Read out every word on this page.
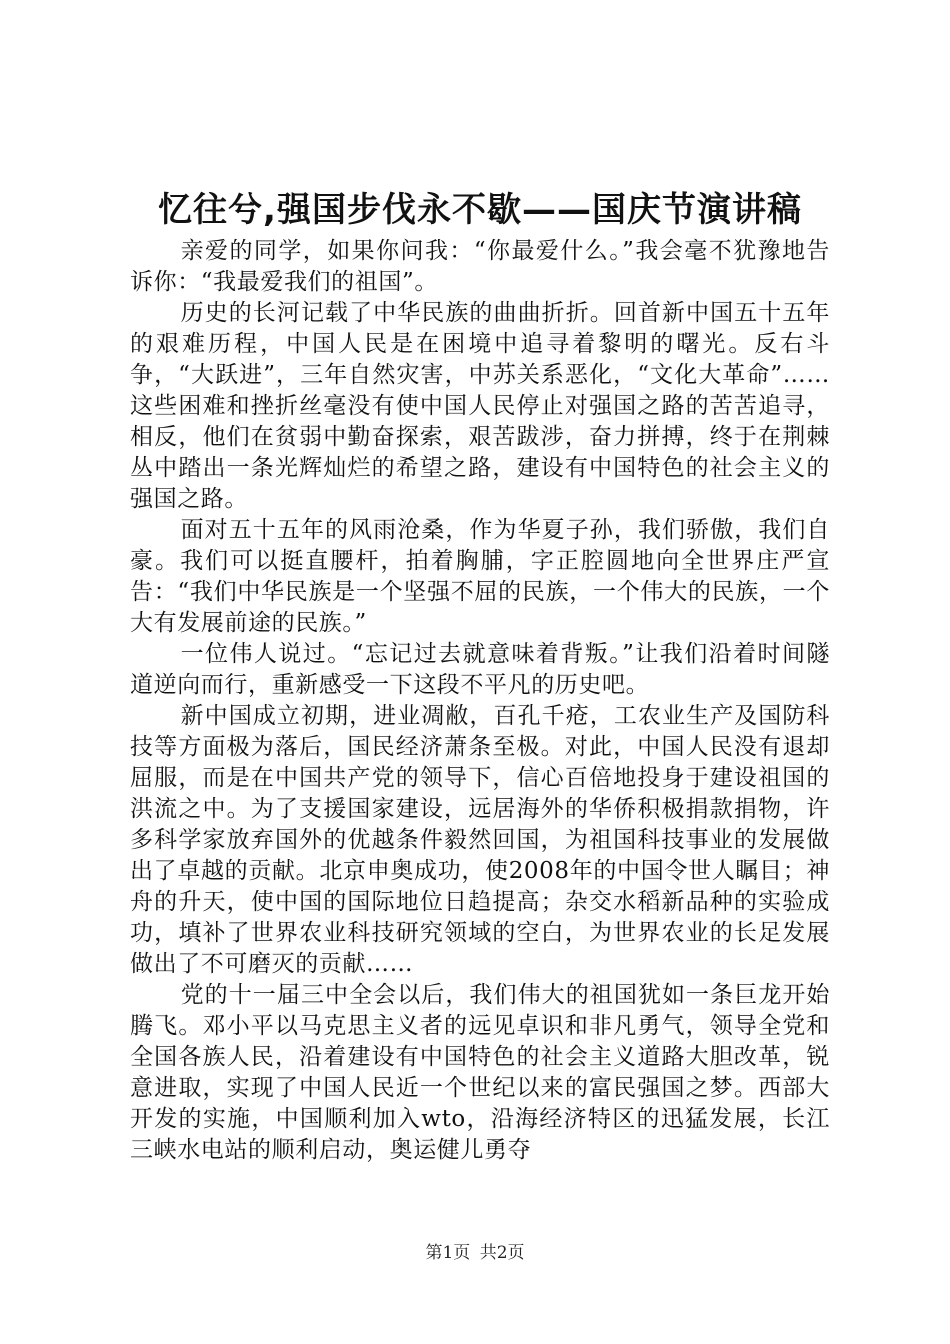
忆往兮,强国步伐永不歇——国庆节演讲稿

亲爱的同学，如果你问我：“你最爱什么。”我会毫不犹豫地告诉你：“我最爱我们的祖国”。

历史的长河记载了中华民族的曲曲折折。回首新中国五十五年的艰难历程，中国人民是在困境中追寻着黎明的曙光。反右斗争，“大跃进”，三年自然灾害，中苏关系恶化，“文化大革命”……这些困难和挫折丝毫没有使中国人民停止对强国之路的苦苦追寻，相反，他们在贫弱中勤奋探索，艰苦跋涉，奋力拼搏，终于在荆棘丛中踏出一条光辉灿烂的希望之路，建设有中国特色的社会主义的强国之路。

面对五十五年的风雨沧桑，作为华夏子孙，我们骄傲，我们自豪。我们可以挺直腰杆，拍着胸脯，字正腔圆地向全世界庄严宣告：“我们中华民族是一个坚强不屈的民族，一个伟大的民族，一个大有发展前途的民族。”

一位伟人说过。“忘记过去就意味着背叛。”让我们沿着时间隧道逆向而行，重新感受一下这段不平凡的历史吧。

新中国成立初期，进业凋敝，百孔千疮，工农业生产及国防科技等方面极为落后，国民经济萧条至极。对此，中国人民没有退却屈服，而是在中国共产党的领导下，信心百倍地投身于建设祖国的洪流之中。为了支援国家建设，远居海外的华侨积极捐款捐物，许多科学家放弃国外的优越条件毅然回国，为祖国科技事业的发展做出了卓越的贡献。北京申奥成功，使2008年的中国令世人瞩目；神舟的升天，使中国的国际地位日趋提高；杂交水稻新品种的实验成功，填补了世界农业科技研究领域的空白，为世界农业的长足发展做出了不可磨灭的贡献……

党的十一届三中全会以后，我们伟大的祖国犹如一条巨龙开始腾飞。邓小平以马克思主义者的远见卓识和非凡勇气，领导全党和全国各族人民，沿着建设有中国特色的社会主义道路大胆改革，锐意进取，实现了中国人民近一个世纪以来的富民强国之梦。西部大开发的实施，中国顺利加入wto，沿海经济特区的迅猛发展，长江三峡水电站的顺利启动，奥运健儿勇夺

第1页 共2页
